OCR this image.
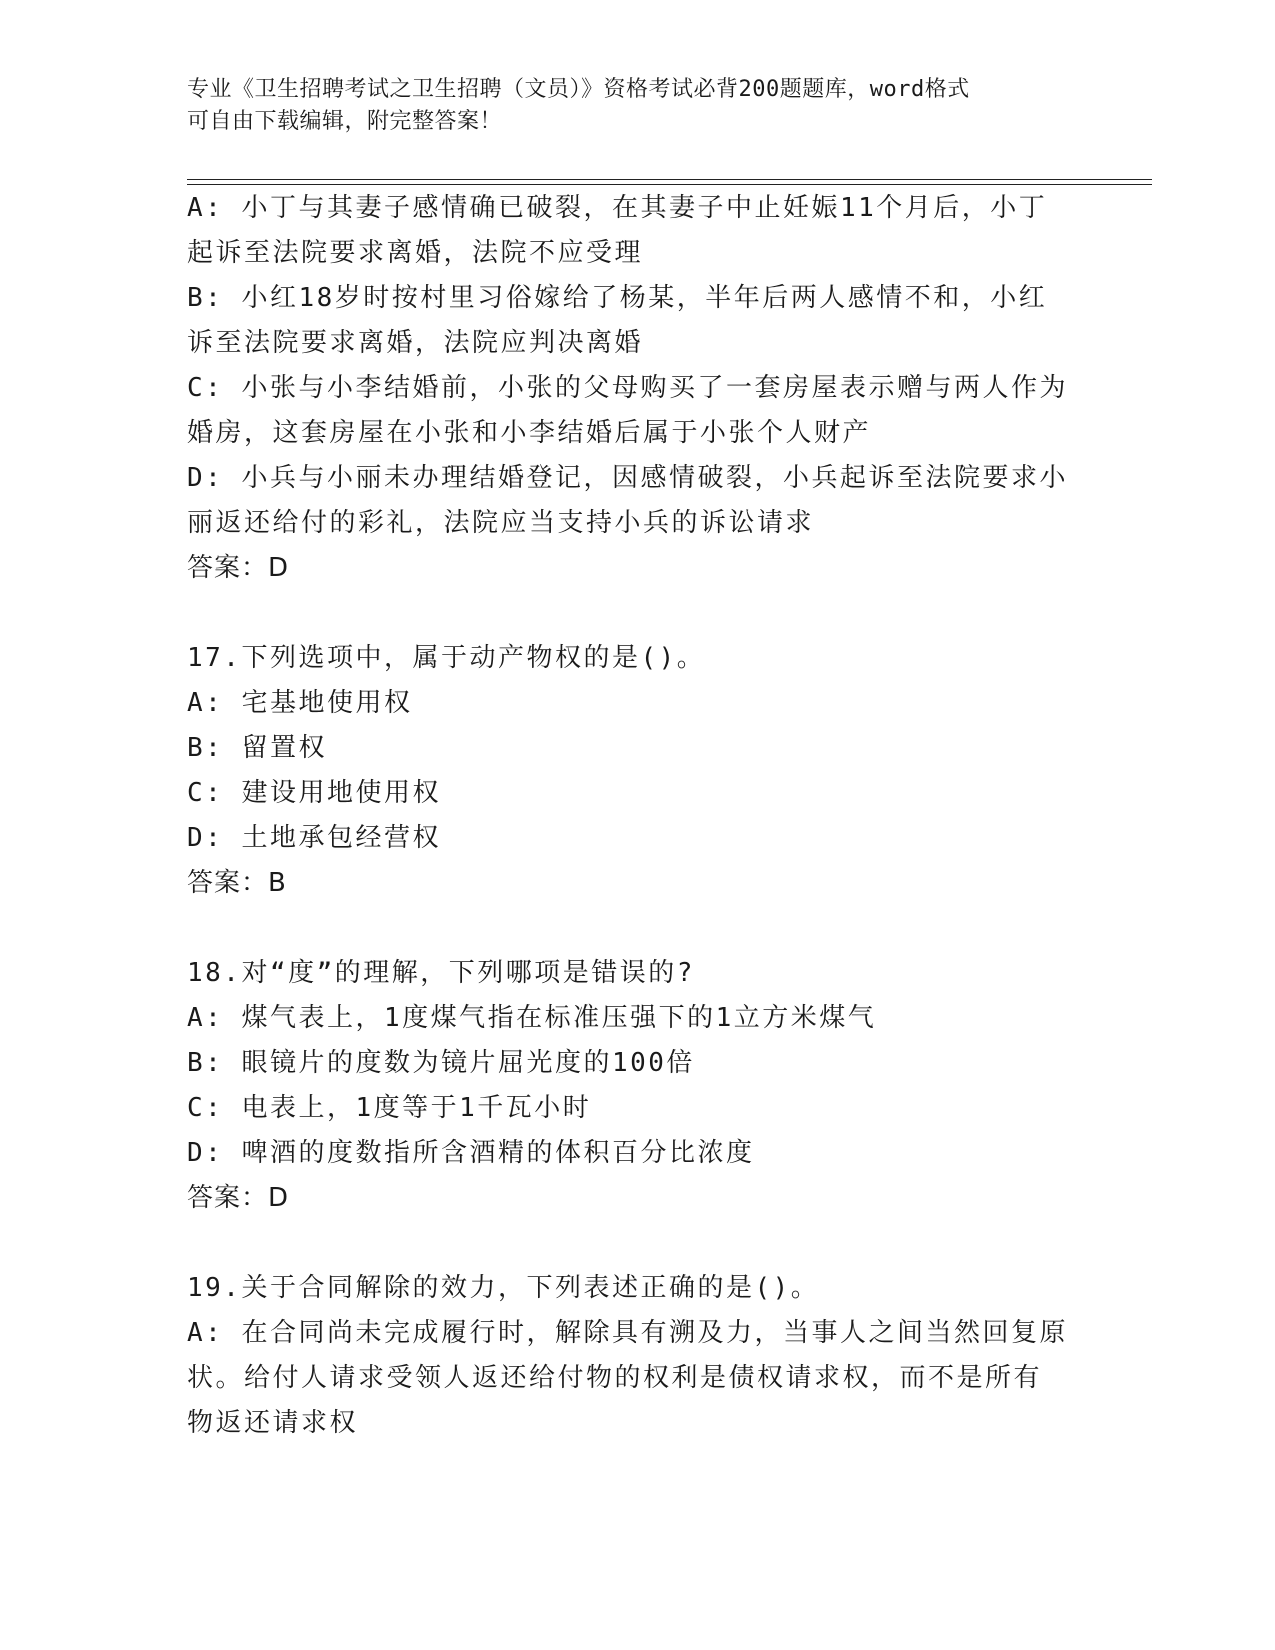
专业《卫生招聘考试之卫生招聘（文员）》资格考试必背200题题库，word格式
可自由下载编辑，附完整答案！
A: 小丁与其妻子感情确已破裂，在其妻子中止妊娠11个月后，小丁
起诉至法院要求离婚，法院不应受理
B: 小红18岁时按村里习俗嫁给了杨某，半年后两人感情不和，小红
诉至法院要求离婚，法院应判决离婚
C: 小张与小李结婚前，小张的父母购买了一套房屋表示赠与两人作为
婚房，这套房屋在小张和小李结婚后属于小张个人财产
D: 小兵与小丽未办理结婚登记，因感情破裂，小兵起诉至法院要求小
丽返还给付的彩礼，法院应当支持小兵的诉讼请求
答案：D
17.下列选项中，属于动产物权的是()。
A: 宅基地使用权
B: 留置权
C: 建设用地使用权
D: 土地承包经营权
答案：B
18.对“度”的理解，下列哪项是错误的?
A: 煤气表上，1度煤气指在标准压强下的1立方米煤气
B: 眼镜片的度数为镜片屈光度的100倍
C: 电表上，1度等于1千瓦小时
D: 啤酒的度数指所含酒精的体积百分比浓度
答案：D
19.关于合同解除的效力，下列表述正确的是()。
A: 在合同尚未完成履行时，解除具有溯及力，当事人之间当然回复原
状。给付人请求受领人返还给付物的权利是债权请求权，而不是所有
物返还请求权
